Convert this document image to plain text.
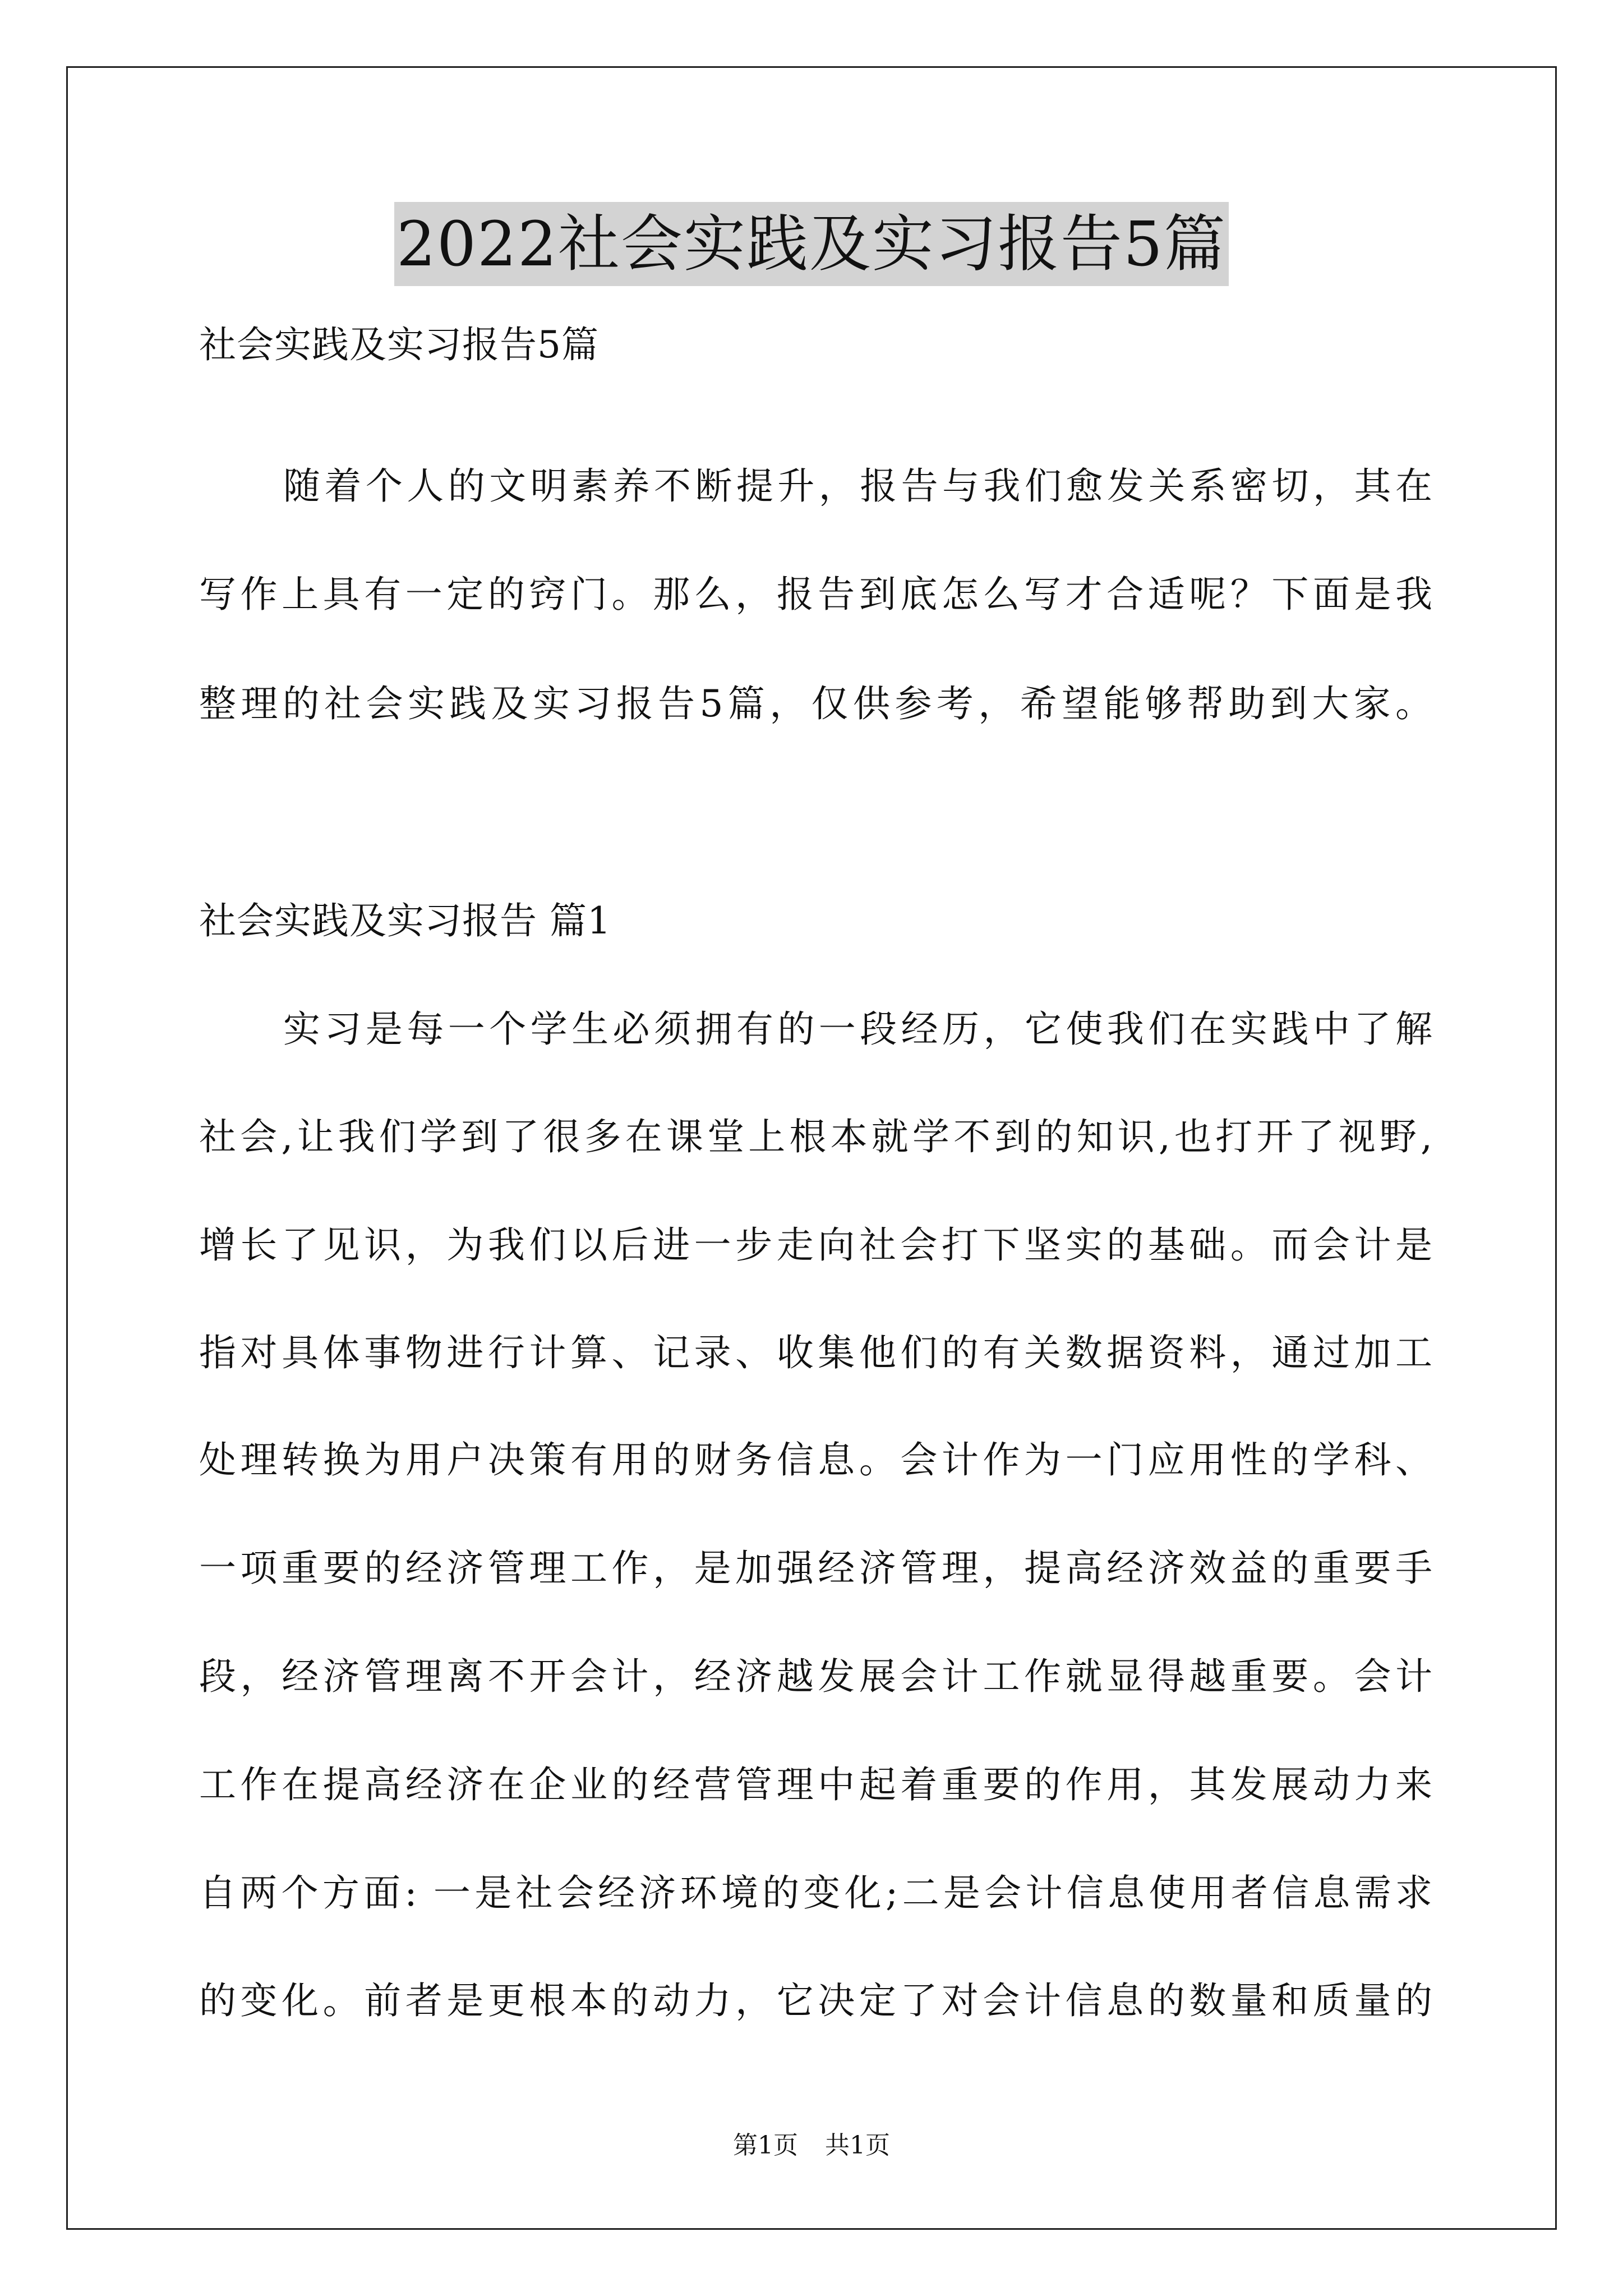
2022社会实践及实习报告5篇
社会实践及实习报告5篇
随着个人的文明素养不断提升，报告与我们愈发关系密切，其在
写作上具有一定的窍门。那么，报告到底怎么写才合适呢？下面是我
整理的社会实践及实习报告5篇，仅供参考，希望能够帮助到大家。
社会实践及实习报告 篇1
实习是每一个学生必须拥有的一段经历，它使我们在实践中了解
社会,让我们学到了很多在课堂上根本就学不到的知识,也打开了视野,
增长了见识，为我们以后进一步走向社会打下坚实的基础。而会计是
指对具体事物进行计算、记录、收集他们的有关数据资料，通过加工
处理转换为用户决策有用的财务信息。会计作为一门应用性的学科、
一项重要的经济管理工作，是加强经济管理，提高经济效益的重要手
段，经济管理离不开会计，经济越发展会计工作就显得越重要。会计
工作在提高经济在企业的经营管理中起着重要的作用，其发展动力来
自两个方面: 一是社会经济环境的变化;二是会计信息使用者信息需求
的变化。前者是更根本的动力，它决定了对会计信息的数量和质量的
第1页 共1页
